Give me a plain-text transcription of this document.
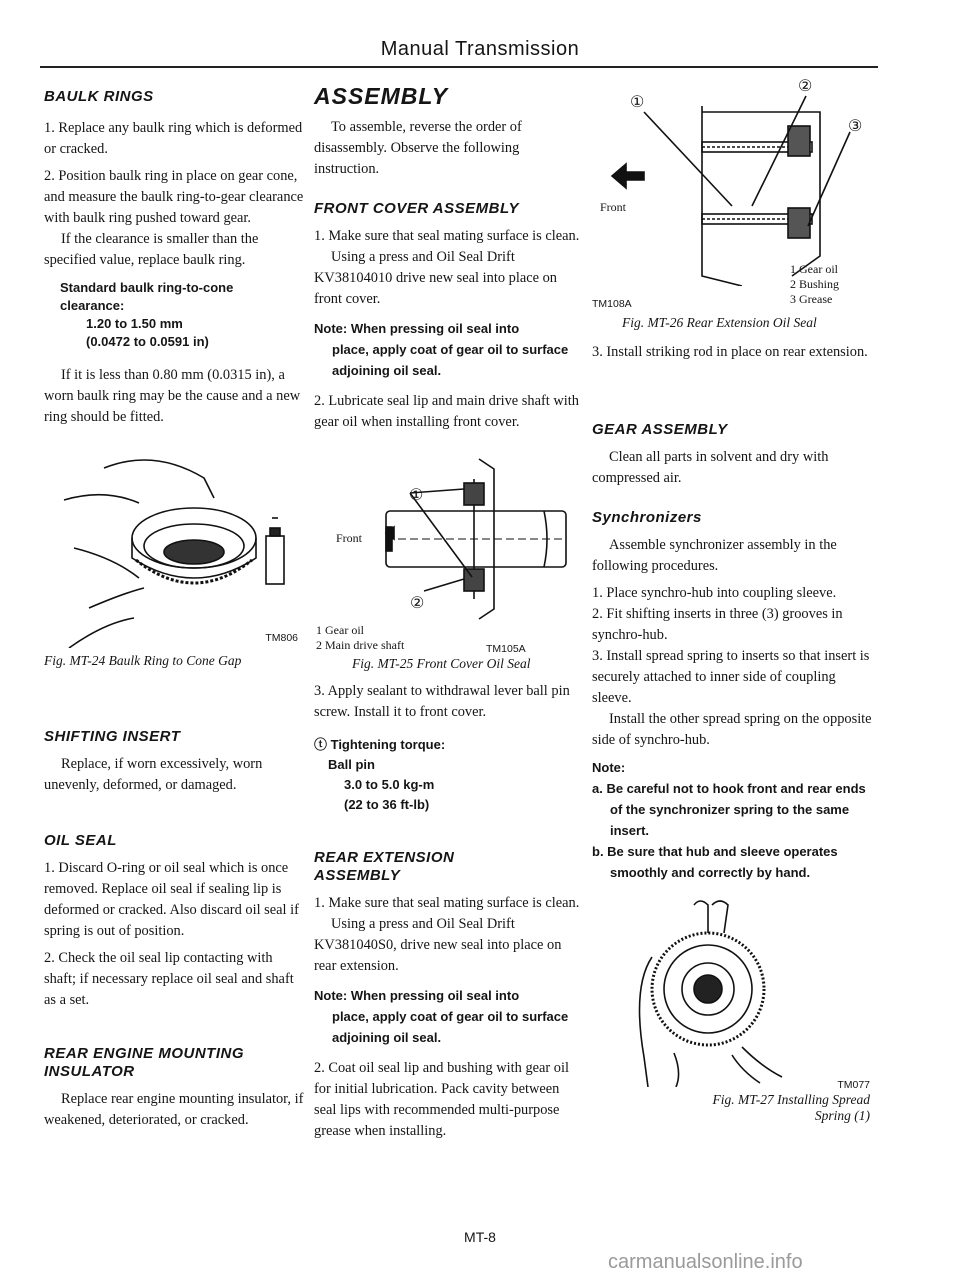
Manual Transmission
BAULK RINGS

1. Replace any baulk ring which is deformed or cracked.

2. Position baulk ring in place on gear cone, and measure the baulk ring-to-gear clearance with baulk ring pushed toward gear.

If the clearance is smaller than the specified value, replace baulk ring.

Standard baulk ring-to-cone
clearance:
1.20 to 1.50 mm
(0.0472 to 0.0591 in)

If it is less than 0.80 mm (0.0315 in), a worn baulk ring may be the cause and a new ring should be fitted.

TM806
Fig. MT-24 Baulk Ring to Cone Gap
SHIFTING INSERT

Replace, if worn excessively, worn unevenly, deformed, or damaged.

OIL SEAL

1. Discard O-ring or oil seal which is once removed. Replace oil seal if sealing lip is deformed or cracked. Also discard oil seal if spring is out of position.

2. Check the oil seal lip contacting with shaft; if necessary replace oil seal and shaft as a set.

REAR ENGINE MOUNTING
INSULATOR

Replace rear engine mounting insulator, if weakened, deteriorated, or cracked.

ASSEMBLY

To assemble, reverse the order of disassembly. Observe the following instruction.

FRONT COVER ASSEMBLY

1. Make sure that seal mating surface is clean.

Using a press and Oil Seal Drift KV38104010 drive new seal into place on front cover.

Note: When pressing oil seal into
place, apply coat of gear oil to surface adjoining oil seal.

2. Lubricate seal lip and main drive shaft with gear oil when installing front cover.

①
②
Front
1 Gear oil
2 Main drive shaft	TM105A
Fig. MT-25 Front Cover Oil Seal

3. Apply sealant to withdrawal lever ball pin screw. Install it to front cover.

ⓣ Tightening torque:
Ball pin
3.0 to 5.0 kg-m
(22 to 36 ft-lb)
REAR EXTENSION
ASSEMBLY

1. Make sure that seal mating surface is clean.

Using a press and Oil Seal Drift KV381040S0, drive new seal into place on rear extension.

Note: When pressing oil seal into
place, apply coat of gear oil to surface adjoining oil seal.

2. Coat oil seal lip and bushing with gear oil for initial lubrication. Pack cavity between seal lips with recommended multi-purpose grease when installing.

①
②
③
Front
1 Gear oil
2 Bushing
3 Grease
TM108A
Fig. MT-26 Rear Extension Oil Seal

3. Install striking rod in place on rear extension.

GEAR ASSEMBLY

Clean all parts in solvent and dry with compressed air.

Synchronizers

Assemble synchronizer assembly in the following procedures.

1. Place synchro-hub into coupling sleeve.

2. Fit shifting inserts in three (3) grooves in synchro-hub.

3. Install spread spring to inserts so that insert is securely attached to inner side of coupling sleeve.

Install the other spread spring on the opposite side of synchro-hub.

Note:
a. Be careful not to hook front and rear ends of the synchronizer spring to the same insert.
b. Be sure that hub and sleeve operates smoothly and correctly by hand.
TM077
Fig. MT-27 Installing Spread
Spring (1)
MT-8
carmanualsonline.info
